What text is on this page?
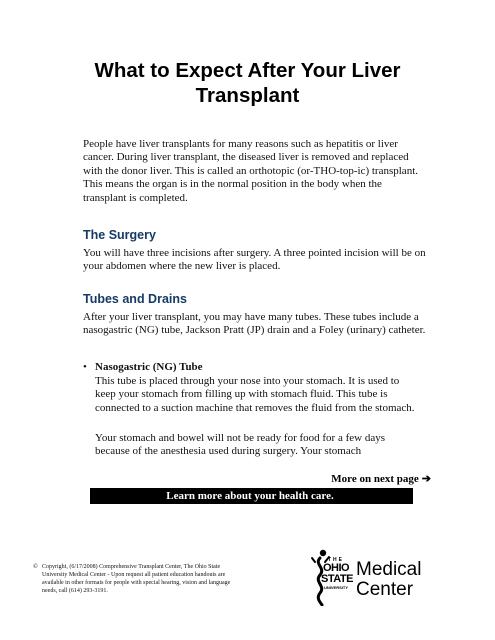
What to Expect After Your Liver Transplant

People have liver transplants for many reasons such as hepatitis or liver cancer. During liver transplant, the diseased liver is removed and replaced with the donor liver. This is called an orthotopic (or-THO-top-ic) transplant. This means the organ is in the normal position in the body when the transplant is completed.

The Surgery

You will have three incisions after surgery. A three pointed incision will be on your abdomen where the new liver is placed.

Tubes and Drains

After your liver transplant, you may have many tubes. These tubes include a nasogastric (NG) tube, Jackson Pratt (JP) drain and a Foley (urinary) catheter.

• Nasogastric (NG) Tube

This tube is placed through your nose into your stomach. It is used to keep your stomach from filling up with stomach fluid. This tube is connected to a suction machine that removes the fluid from the stomach.

Your stomach and bowel will not be ready for food for a few days because of the anesthesia used during surgery. Your stomach

More on next page ➔
Learn more about your health care.
© Copyright, (6/17/2008) Comprehensive Transplant Center, The Ohio State University Medical Center - Upon request all patient education handouts are available in other formats for people with special hearing, vision and language needs, call (614) 293-3191.

THE
OHIO
STATE
UNIVERSITY
Medical
Center
